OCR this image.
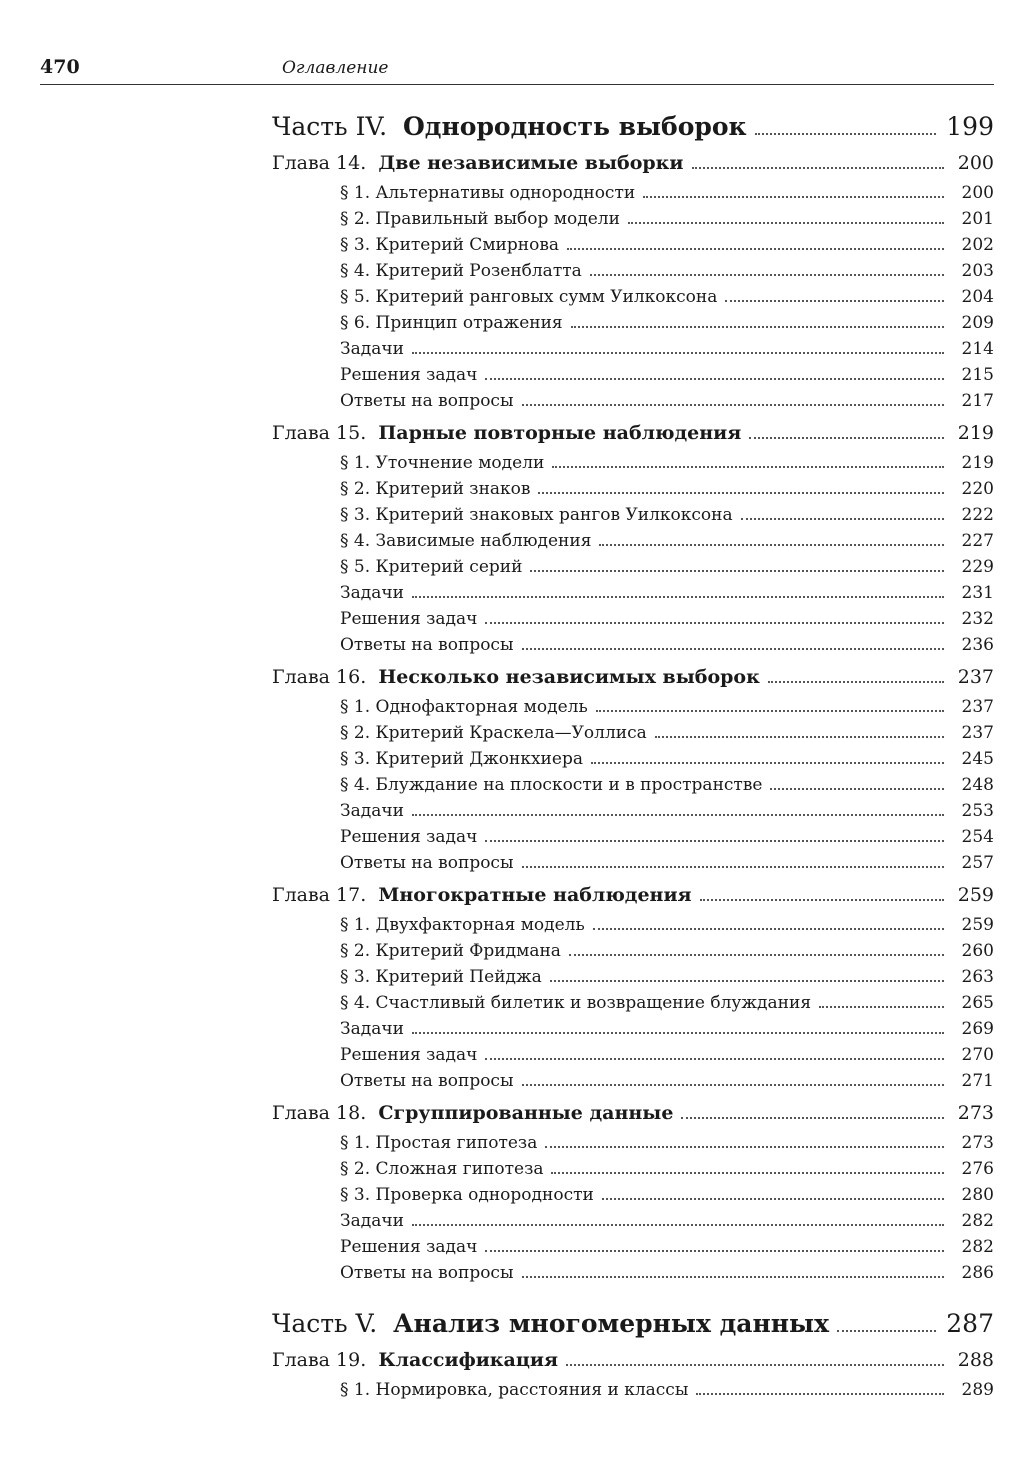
470	Оглавление
Часть IV. Однородность выборок	199
Глава 14. Две независимые выборки	200
§ 1. Альтернативы однородности	200
§ 2. Правильный выбор модели	201
§ 3. Критерий Смирнова	202
§ 4. Критерий Розенблатта	203
§ 5. Критерий ранговых сумм Уилкоксона	204
§ 6. Принцип отражения	209
Задачи	214
Решения задач	215
Ответы на вопросы	217
Глава 15. Парные повторные наблюдения	219
§ 1. Уточнение модели	219
§ 2. Критерий знаков	220
§ 3. Критерий знаковых рангов Уилкоксона	222
§ 4. Зависимые наблюдения	227
§ 5. Критерий серий	229
Задачи	231
Решения задач	232
Ответы на вопросы	236
Глава 16. Несколько независимых выборок	237
§ 1. Однофакторная модель	237
§ 2. Критерий Краскела—Уоллиса	237
§ 3. Критерий Джонкхиера	245
§ 4. Блуждание на плоскости и в пространстве	248
Задачи	253
Решения задач	254
Ответы на вопросы	257
Глава 17. Многократные наблюдения	259
§ 1. Двухфакторная модель	259
§ 2. Критерий Фридмана	260
§ 3. Критерий Пейджа	263
§ 4. Счастливый билетик и возвращение блуждания	265
Задачи	269
Решения задач	270
Ответы на вопросы	271
Глава 18. Сгруппированные данные	273
§ 1. Простая гипотеза	273
§ 2. Сложная гипотеза	276
§ 3. Проверка однородности	280
Задачи	282
Решения задач	282
Ответы на вопросы	286
Часть V. Анализ многомерных данных	287
Глава 19. Классификация	288
§ 1. Нормировка, расстояния и классы	289
